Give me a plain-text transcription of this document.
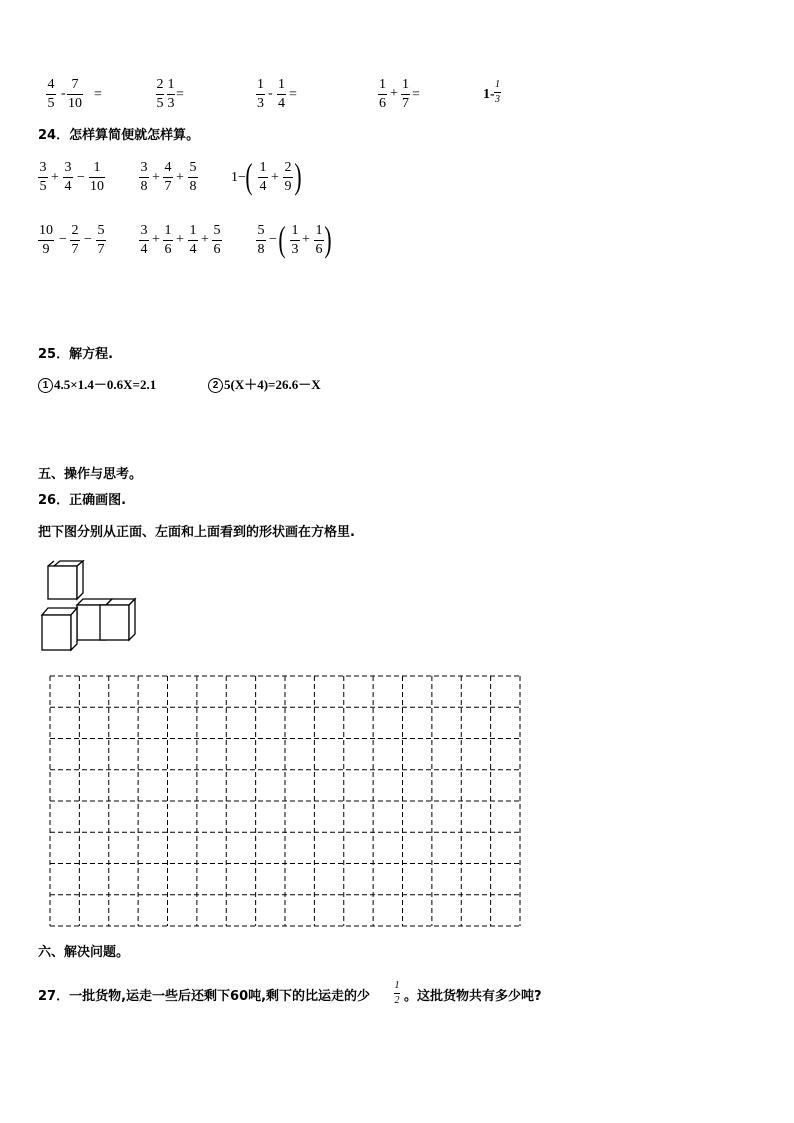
4
5
-
7
10
=
2
5
1
3
=
1
3
-
1
4
=
1
6
+
1
7
=	1-
1
3
24．怎样算简便就怎样算。
3
5
+
3
4
−
1
10
3
8
+
4
7
+
5
8
1− ( 1
4
+
2
9 )
10
9
−
2
7
−
5
7
3
4
+
1
6
+
1
4
+
5
6
5
8
− ( 1
3
+
1
6 )
25．解方程.
1 4.5×1.4－0.6X=2.1	2 5(X＋4)=26.6－X
五、操作与思考。
26．正确画图.
把下图分别从正面、左面和上面看到的形状画在方格里.
六、解决问题。
27．一批货物,运走一些后还剩下60吨,剩下的比运走的少
1
2 。这批货物共有多少吨?
